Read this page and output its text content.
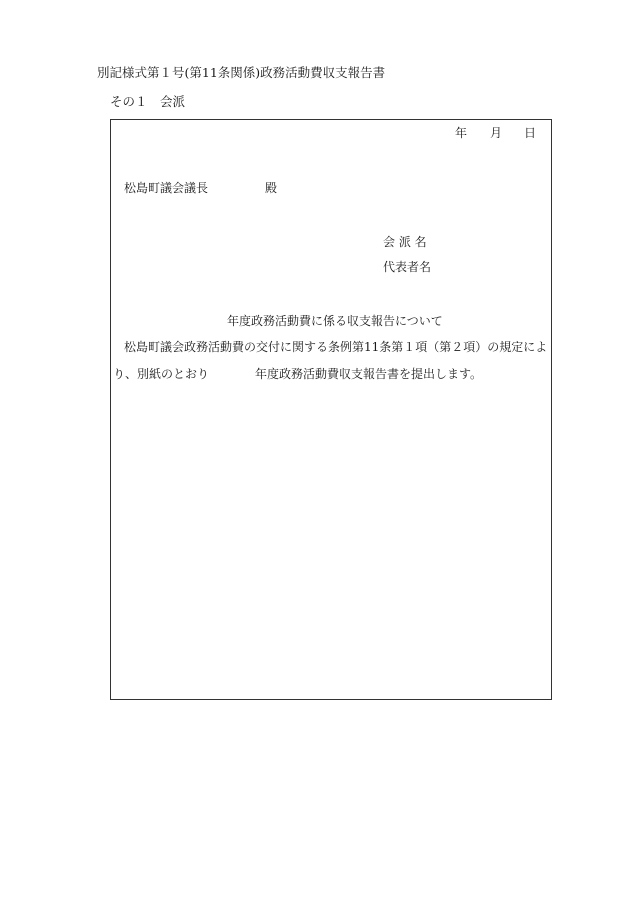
別記様式第１号(第11条関係)政務活動費収支報告書
その１　会派
年 月 日
松島町議会議長	殿
会 派 名
代表者名
年度政務活動費に係る収支報告について
松島町議会政務活動費の交付に関する条例第11条第１項（第２項）の規定によ
り、別紙のとおり	年度政務活動費収支報告書を提出します。
